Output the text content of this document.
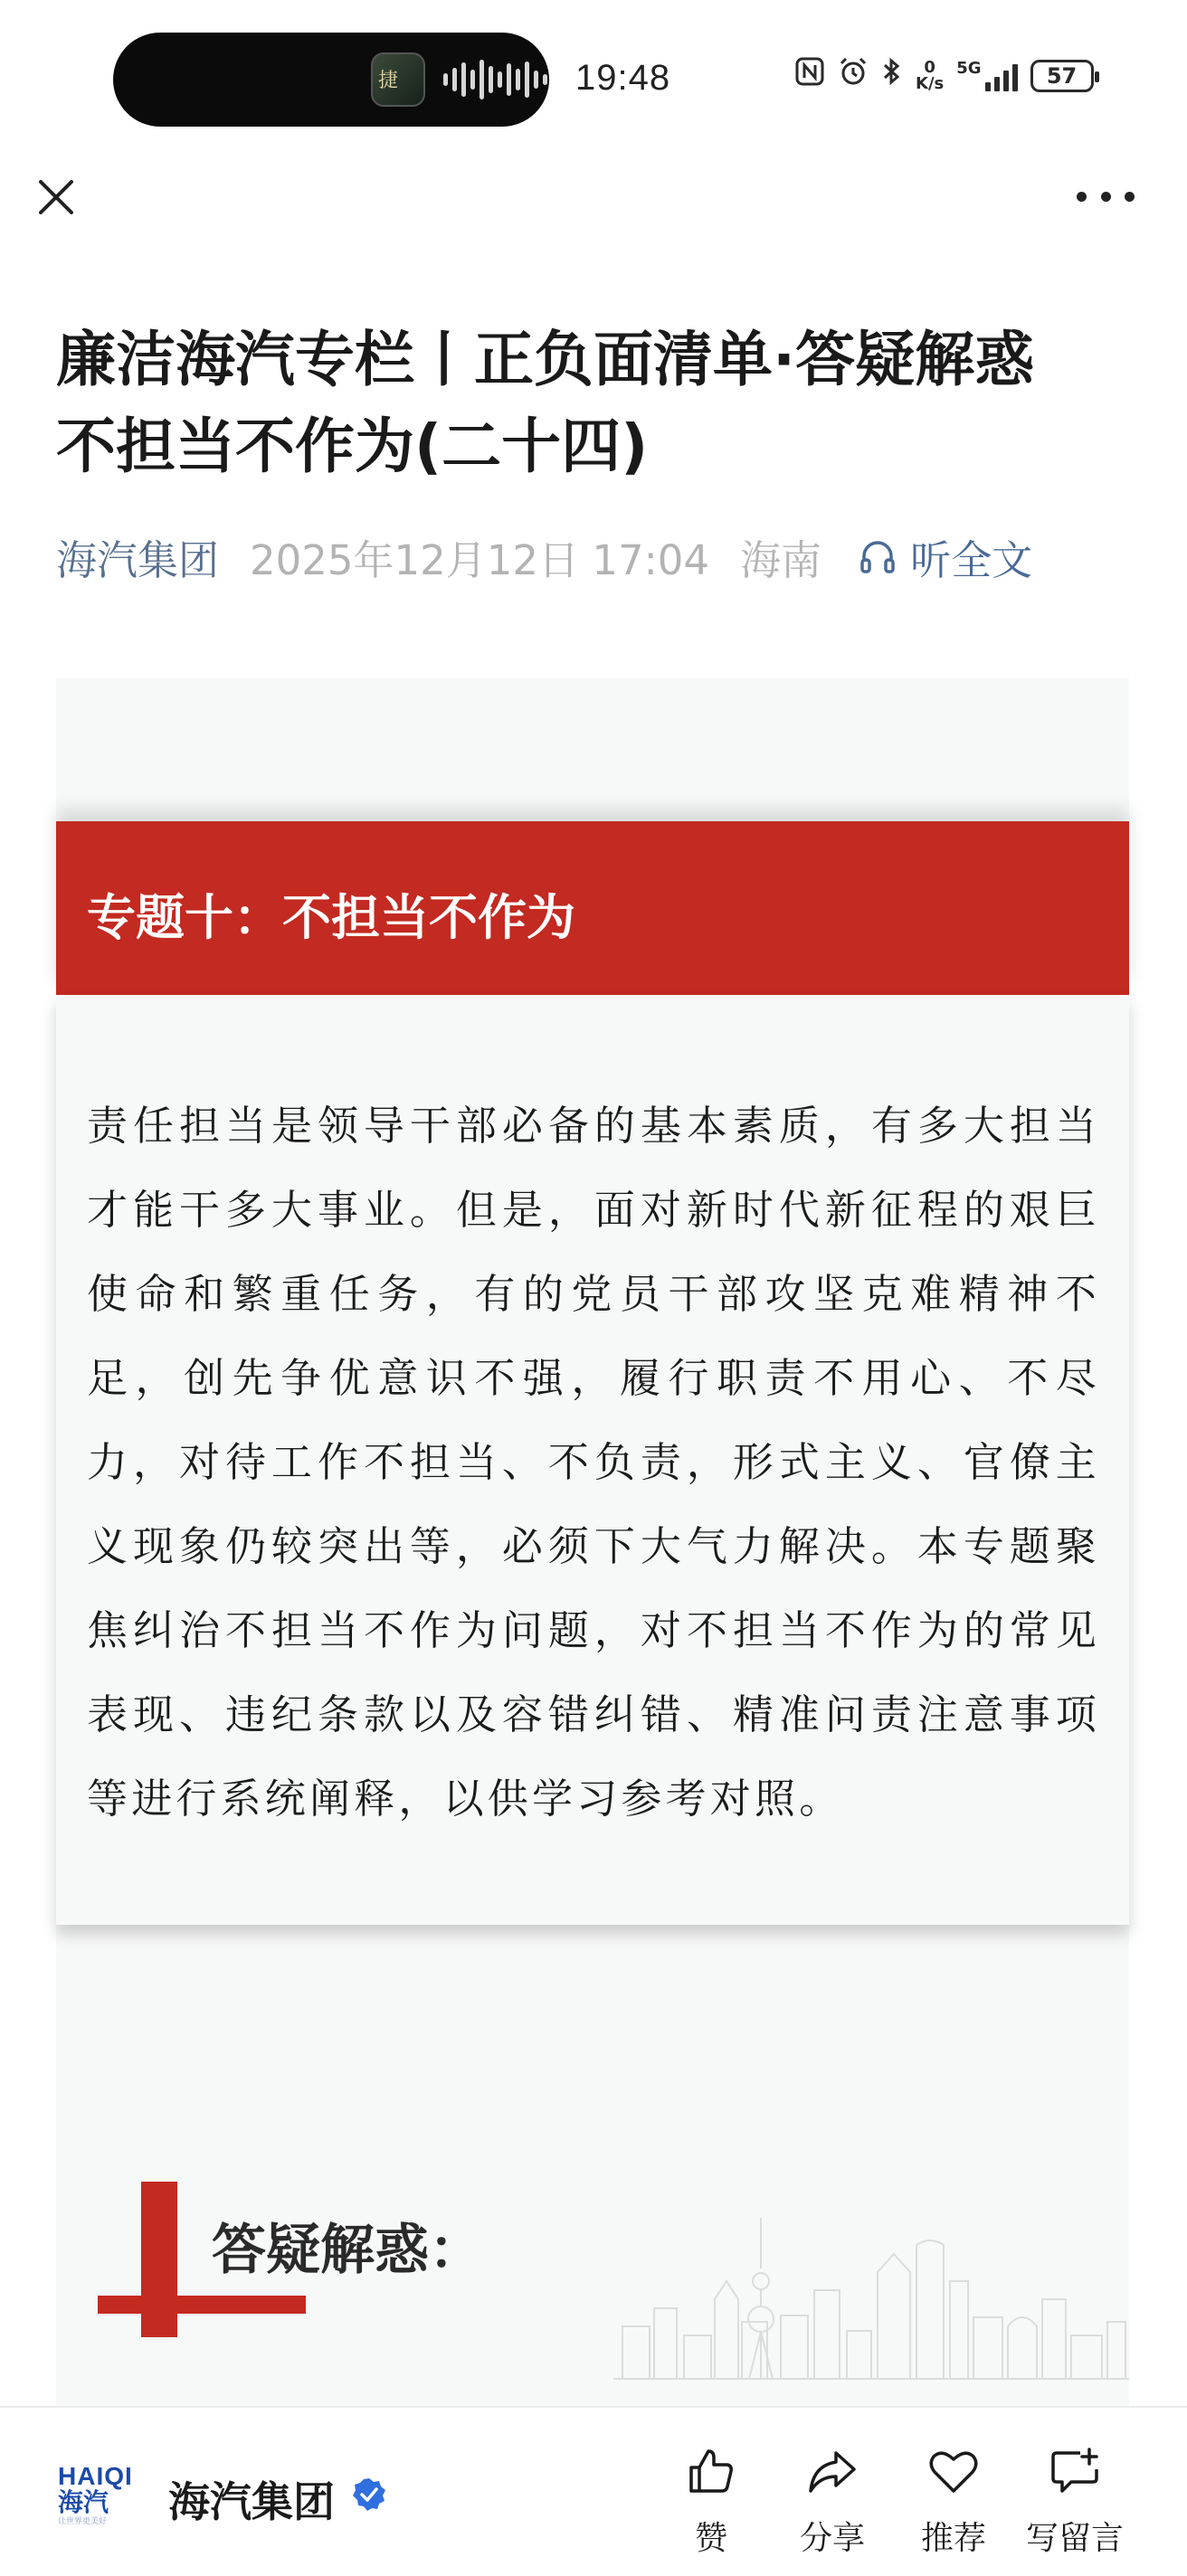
捷	19:48	0
K/s
5G	57
廉洁海汽专栏丨正负面清单·答疑解惑
不担当不作为(二十四)
海汽集团 2025年12月12日 17:04 海南 听全文
专题十：不担当不作为

责任担当是领导干部必备的基本素质，有多大担当才能干多大事业。但是，面对新时代新征程的艰巨使命和繁重任务，有的党员干部攻坚克难精神不足，创先争优意识不强，履行职责不用心、不尽力，对待工作不担当、不负责，形式主义、官僚主义现象仍较突出等，必须下大气力解决。本专题聚焦纠治不担当不作为问题，对不担当不作为的常见表现、违纪条款以及容错纠错、精准问责注意事项等进行系统阐释，以供学习参考对照。

答疑解惑：
HAIQI
海汽
让世界更美好	海汽集团
赞	分享	推荐	写留言
